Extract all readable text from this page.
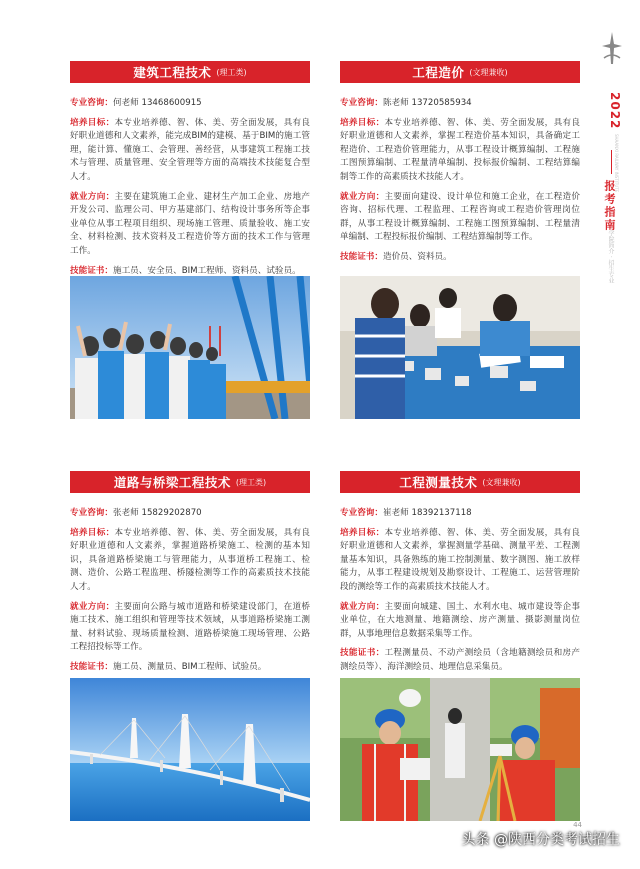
2022
SHAANXI RAILWAY INSTITUTE
报考指南
学院简介 · 招生专业
建筑工程技术 (理工类)
专业咨询：何老师 13468600915
培养目标：本专业培养德、智、体、美、劳全面发展，具有良好职业道德和人文素养，能完成BIM的建模、基于BIM的施工管理，能计算、懂施工、会管理、善经营，从事建筑工程施工技术与管理、质量管理、安全管理等方面的高端技术技能复合型人才。
就业方向：主要在建筑施工企业、建材生产加工企业、房地产开发公司、监理公司、甲方基建部门、结构设计事务所等企事业单位从事工程项目组织、现场施工管理、质量验收、施工安全、材料检测、技术资料及工程造价等方面的技术工作与管理工作。
技能证书：施工员、安全员、BIM工程师、资料员、试验员。
工程造价 (文理兼收)
专业咨询：陈老师 13720585934
培养目标：本专业培养德、智、体、美、劳全面发展，具有良好职业道德和人文素养，掌握工程造价基本知识，具备确定工程造价、工程造价管理能力，从事工程设计概算编制、工程施工图预算编制、工程量清单编制、投标报价编制、工程结算编制等工作的高素质技术技能人才。
就业方向：主要面向建设、设计单位和施工企业，在工程造价咨询、招标代理、工程监理、工程咨询或工程造价管理岗位群，从事工程设计概算编制、工程施工图预算编制、工程量清单编制、工程投标报价编制、工程结算编制等工作。
技能证书：造价员、资料员。
道路与桥梁工程技术 (理工类)
专业咨询：张老师 15829202870
培养目标：本专业培养德、智、体、美、劳全面发展，具有良好职业道德和人文素养，掌握道路桥梁施工、检测的基本知识，具备道路桥梁施工与管理能力，从事道桥工程施工、检测、造价、公路工程监理、桥隧检测等工作的高素质技术技能人才。
就业方向：主要面向公路与城市道路和桥梁建设部门，在道桥施工技术、施工组织和管理等技术领域，从事道路桥梁施工测量、材料试验、现场质量检测、道路桥梁施工现场管理、公路工程招投标等工作。
技能证书：施工员、测量员、BIM工程师、试验员。
工程测量技术 (文理兼收)
专业咨询：崔老师 18392137118
培养目标：本专业培养德、智、体、美、劳全面发展，具有良好职业道德和人文素养，掌握测量学基础、测量平差、工程测量基本知识，具备熟练的施工控制测量、数字测图、施工放样能力，从事工程建设规划及勘察设计、工程施工、运营管理阶段的测绘等工作的高素质技术技能人才。
就业方向：主要面向城建、国土、水利水电、城市建设等企事业单位，在大地测量、地籍测绘、房产测量、摄影测量岗位群，从事地理信息数据采集等工作。
技能证书：工程测量员、不动产测绘员（含地籍测绘员和房产测绘员等）、海洋测绘员、地理信息采集员。
44
头条 @陕西分类考试招生
